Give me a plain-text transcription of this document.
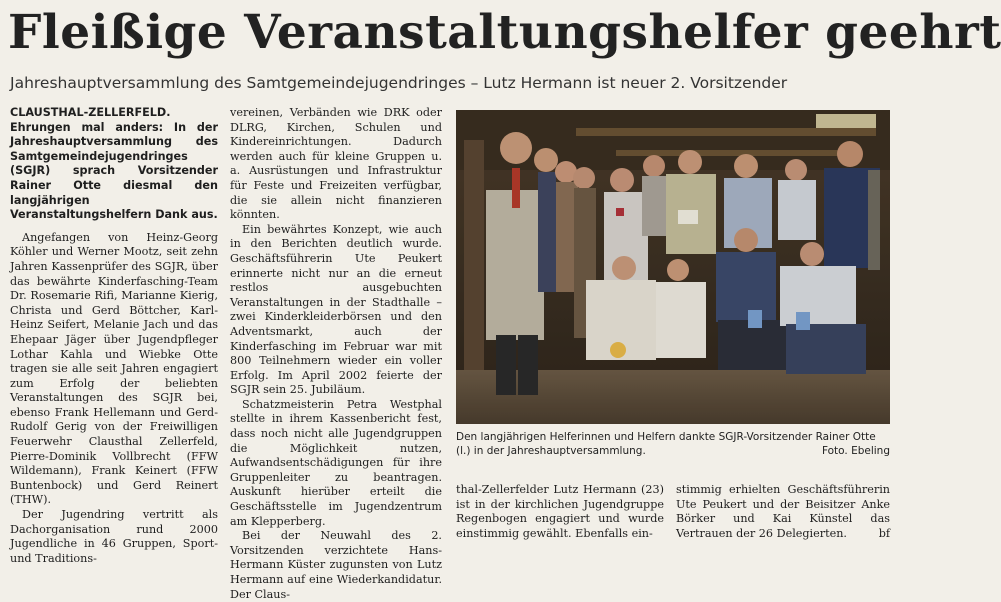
Fleißige Veranstaltungshelfer geehrt
Jahreshauptversammlung des Samtgemeindejugendringes – Lutz Hermann ist neuer 2. Vorsitzender

CLAUSTHAL-ZELLERFELD. Ehrungen mal anders: In der Jahreshauptversammlung des Samtgemeindejugendringes (SGJR) sprach Vorsitzender Rainer Otte diesmal den langjährigen Veranstaltungshelfern Dank aus.

Angefangen von Heinz-Georg Köhler und Werner Mootz, seit zehn Jahren Kassenprüfer des SGJR, über das bewährte Kinderfasching-Team Dr. Rosemarie Rifi, Marianne Kierig, Christa und Gerd Böttcher, Karl-Heinz Seifert, Melanie Jach und das Ehepaar Jäger über Jugendpfleger Lothar Kahla und Wiebke Otte tragen sie alle seit Jahren engagiert zum Erfolg der beliebten Veranstaltungen des SGJR bei, ebenso Frank Hellemann und Gerd-Rudolf Gerig von der Freiwilligen Feuerwehr Clausthal Zellerfeld, Pierre-Dominik Vollbrecht (FFW Wildemann), Frank Keinert (FFW Buntenbock) und Gerd Reinert (THW).

Der Jugendring vertritt als Dachorganisation rund 2000 Jugendliche in 46 Gruppen, Sport- und Traditions-

vereinen, Verbänden wie DRK oder DLRG, Kirchen, Schulen und Kindereinrichtungen. Dadurch werden auch für kleine Gruppen u. a. Ausrüstungen und Infrastruktur für Feste und Freizeiten verfügbar, die sie allein nicht finanzieren könnten.

Ein bewährtes Konzept, wie auch in den Berichten deutlich wurde. Geschäftsführerin Ute Peukert erinnerte nicht nur an die erneut restlos ausgebuchten Veranstaltungen in der Stadthalle – zwei Kinderkleiderbörsen und den Adventsmarkt, auch der Kinderfasching im Februar war mit 800 Teilnehmern wieder ein voller Erfolg. Im April 2002 feierte der SGJR sein 25. Jubiläum.

Schatzmeisterin Petra Westphal stellte in ihrem Kassenbericht fest, dass noch nicht alle Jugendgruppen die Möglichkeit nutzen, Aufwandsentschädigungen für ihre Gruppenleiter zu beantragen. Auskunft hierüber erteilt die Geschäftsstelle im Jugendzentrum am Klepperberg.

Bei der Neuwahl des 2. Vorsitzenden verzichtete Hans-Hermann Küster zugunsten von Lutz Hermann auf eine Wiederkandidatur. Der Claus-

Den langjährigen Helferinnen und Helfern dankte SGJR-Vorsitzender Rainer Otte (l.) in der Jahreshauptversammlung.	Foto. Ebeling
thal-Zellerfelder Lutz Hermann (23) ist in der kirchlichen Jugendgruppe Regenbogen engagiert und wurde einstimmig gewählt. Ebenfalls ein-
stimmig erhielten Geschäftsführerin Ute Peukert und der Beisitzer Anke Börker und Kai Künstel das Vertrauen der 26 Delegierten.	bf
